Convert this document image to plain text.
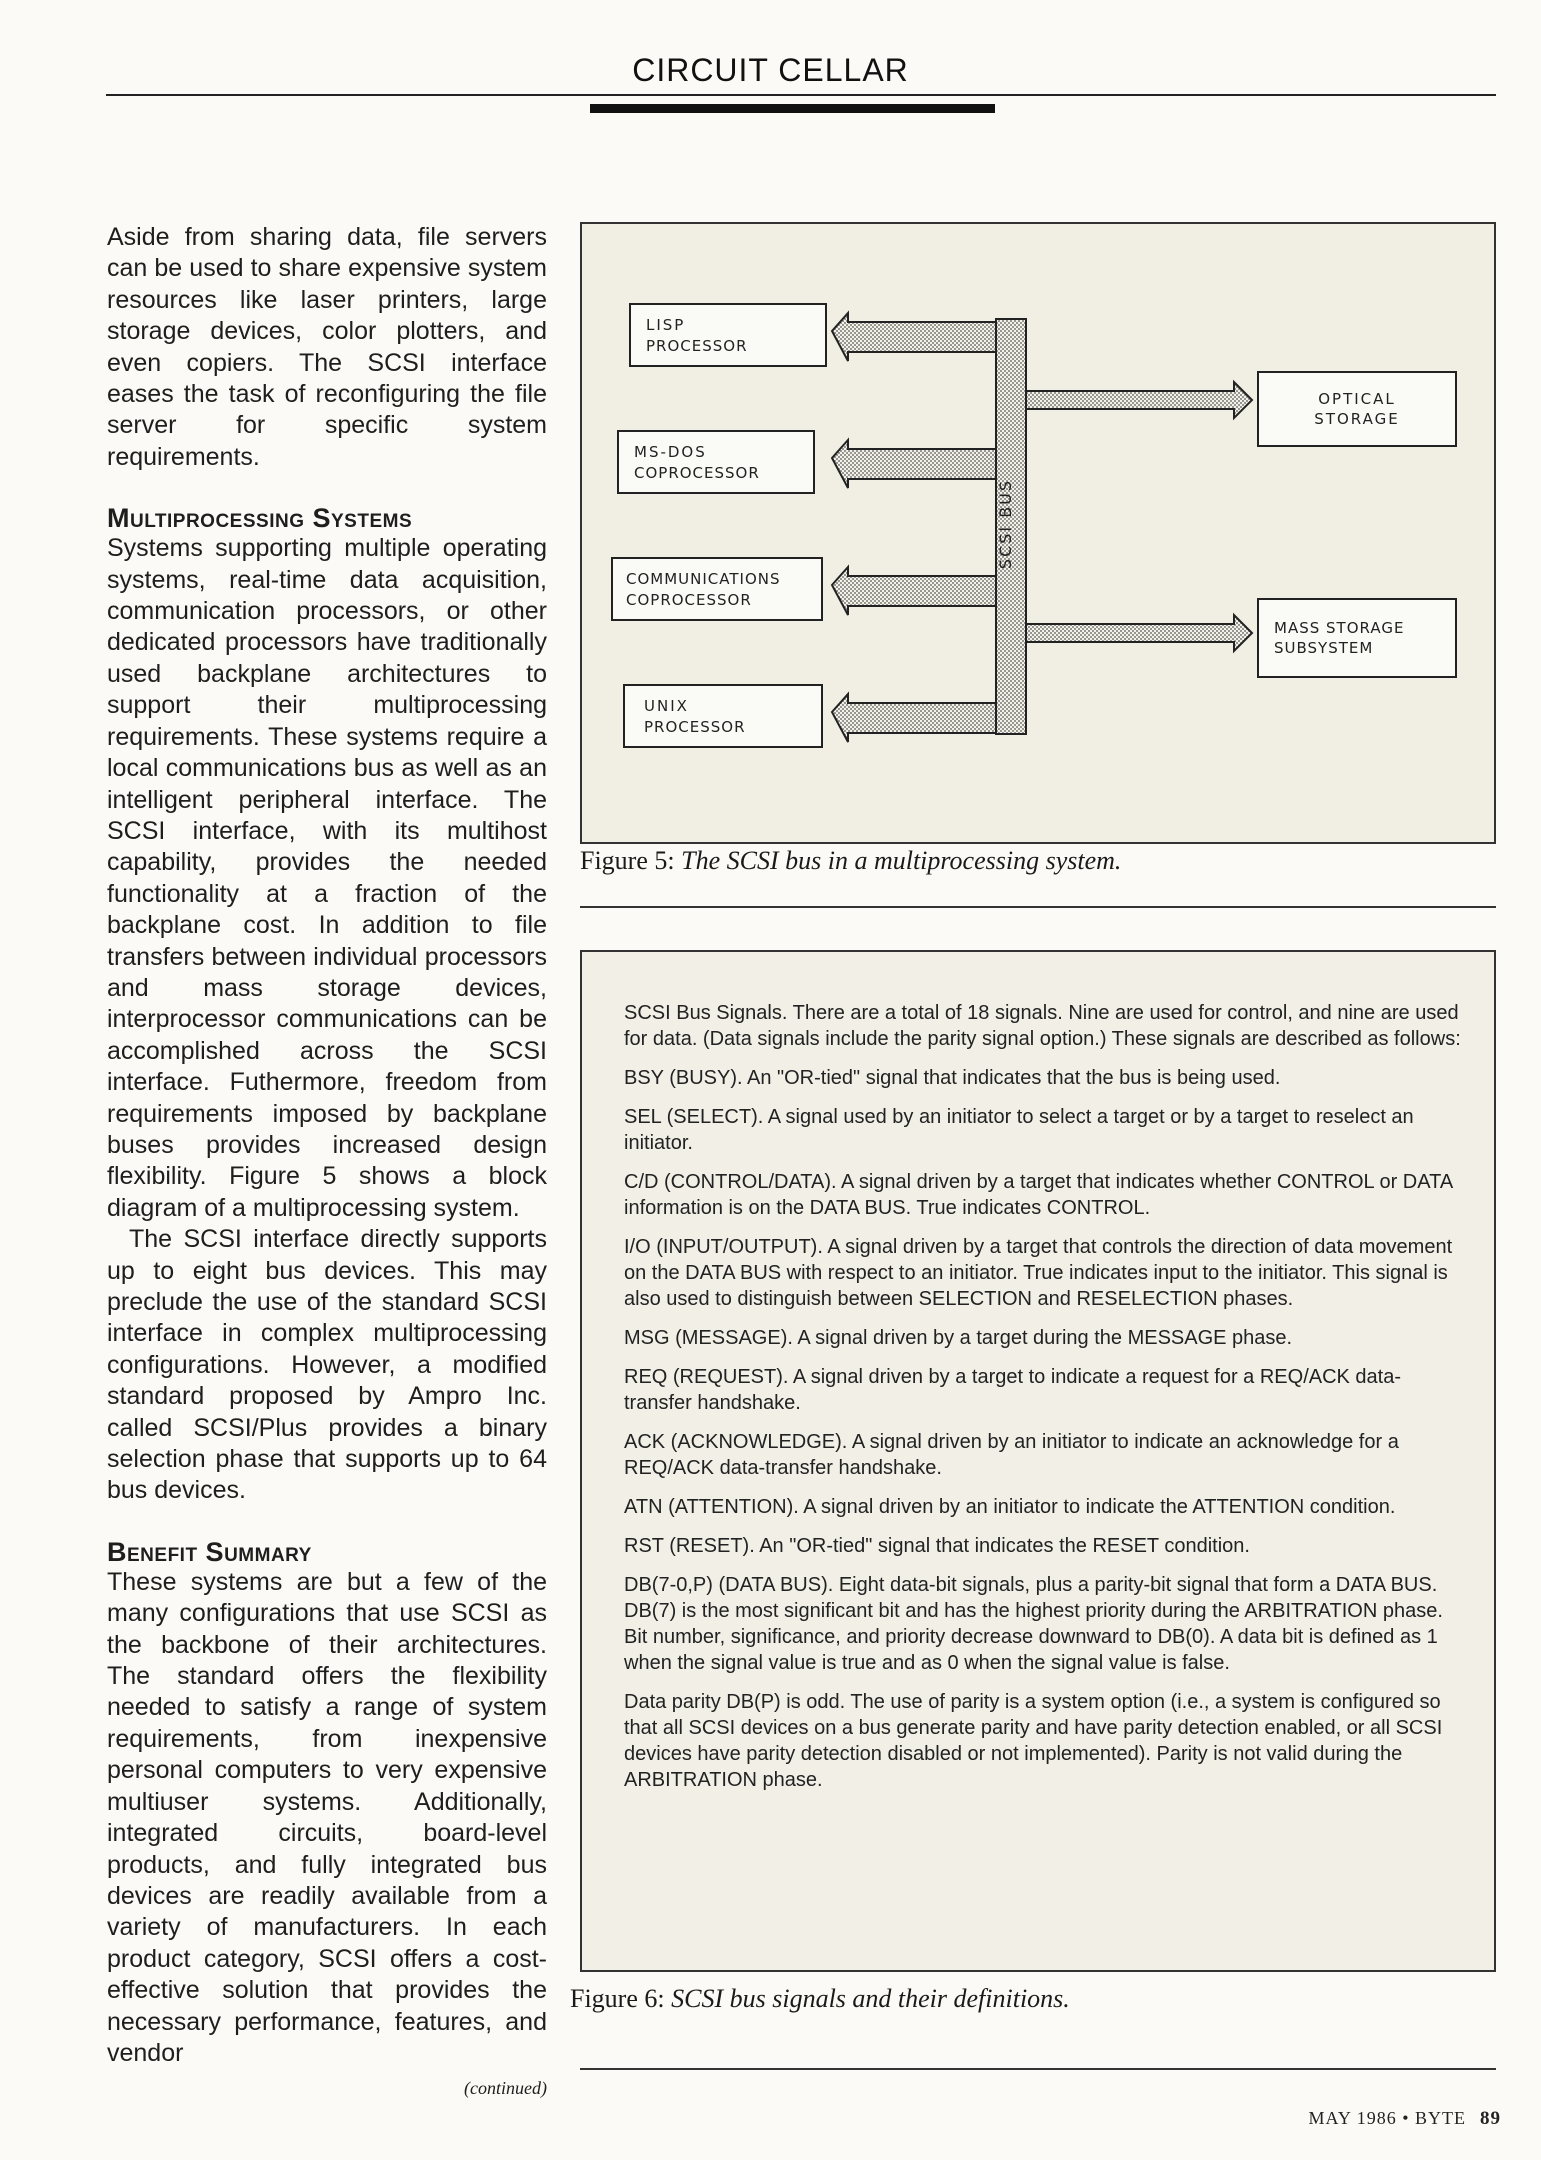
CIRCUIT CELLAR

Aside from sharing data, file servers can be used to share expensive system resources like laser printers, large storage devices, color plotters, and even copiers. The SCSI interface eases the task of reconfiguring the file server for specific system requirements.

Multiprocessing Systems

Systems supporting multiple operating systems, real-time data acquisition, communication processors, or other dedicated processors have traditionally used backplane architectures to support their multiprocessing requirements. These systems require a local communications bus as well as an intelligent peripheral interface. The SCSI interface, with its multihost capability, provides the needed functionality at a fraction of the backplane cost. In addition to file transfers between individual processors and mass storage devices, interprocessor communications can be accomplished across the SCSI interface. Futhermore, freedom from requirements imposed by backplane buses provides increased design flexibility. Figure 5 shows a block diagram of a multiprocessing system.

The SCSI interface directly supports up to eight bus devices. This may preclude the use of the standard SCSI interface in complex multiprocessing configurations. However, a modified standard proposed by Ampro Inc. called SCSI/Plus provides a binary selection phase that supports up to 64 bus devices.

Benefit Summary

These systems are but a few of the many configurations that use SCSI as the backbone of their architectures. The standard offers the flexibility needed to satisfy a range of system requirements, from inexpensive personal computers to very expensive multiuser systems. Additionally, integrated circuits, board-level products, and fully integrated bus devices are readily available from a variety of manufacturers. In each product category, SCSI offers a cost-effective solution that provides the necessary performance, features, and vendor

(continued)
SCSI BUS
LISP
PROCESSOR
MS-DOS
COPROCESSOR
COMMUNICATIONS
COPROCESSOR
UNIX
PROCESSOR
OPTICAL
STORAGE
MASS STORAGE
SUBSYSTEM
Figure 5: The SCSI bus in a multiprocessing system.

SCSI Bus Signals. There are a total of 18 signals. Nine are used for control, and nine are used for data. (Data signals include the parity signal option.) These signals are described as follows:

BSY (BUSY). An "OR-tied" signal that indicates that the bus is being used.

SEL (SELECT). A signal used by an initiator to select a target or by a target to reselect an initiator.

C/D (CONTROL/DATA). A signal driven by a target that indicates whether CONTROL or DATA information is on the DATA BUS. True indicates CONTROL.

I/O (INPUT/OUTPUT). A signal driven by a target that controls the direction of data movement on the DATA BUS with respect to an initiator. True indicates input to the initiator. This signal is also used to distinguish between SELECTION and RESELECTION phases.

MSG (MESSAGE). A signal driven by a target during the MESSAGE phase.

REQ (REQUEST). A signal driven by a target to indicate a request for a REQ/ACK data-transfer handshake.

ACK (ACKNOWLEDGE). A signal driven by an initiator to indicate an acknowledge for a REQ/ACK data-transfer handshake.

ATN (ATTENTION). A signal driven by an initiator to indicate the ATTENTION condition.

RST (RESET). An "OR-tied" signal that indicates the RESET condition.

DB(7-0,P) (DATA BUS). Eight data-bit signals, plus a parity-bit signal that form a DATA BUS. DB(7) is the most significant bit and has the highest priority during the ARBITRATION phase. Bit number, significance, and priority decrease downward to DB(0). A data bit is defined as 1 when the signal value is true and as 0 when the signal value is false.

Data parity DB(P) is odd. The use of parity is a system option (i.e., a system is configured so that all SCSI devices on a bus generate parity and have parity detection enabled, or all SCSI devices have parity detection disabled or not implemented). Parity is not valid during the ARBITRATION phase.

Figure 6: SCSI bus signals and their definitions.
MAY 1986 • BYTE 89
